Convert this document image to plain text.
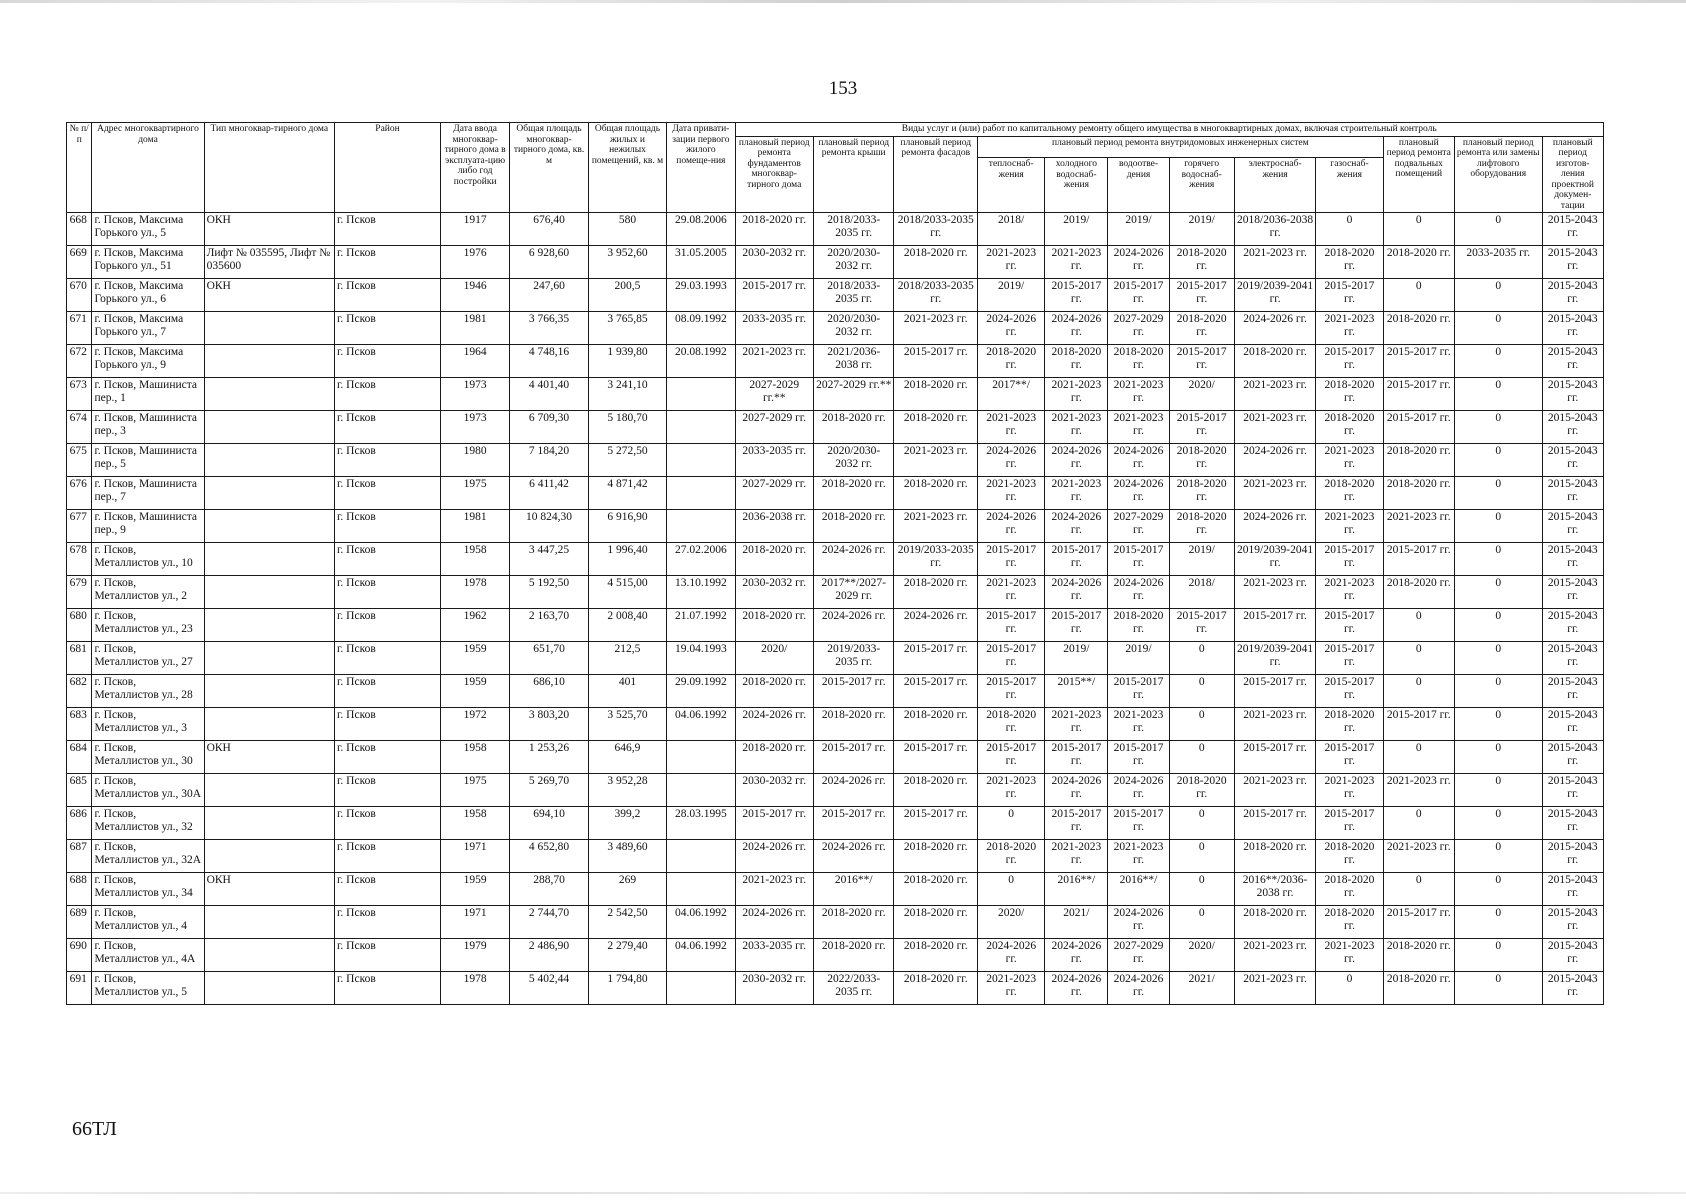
153
№ п/п	Адрес многоквартирного дома	Тип многоквар-тирного дома	Район	Дата ввода многоквар-тирного дома в эксплуата-цию либо год постройки	Общая площадь многоквар-тирного дома, кв. м	Общая площадь жилых и нежилых помещений, кв. м	Дата привати-зации первого жилого помеще-ния	Виды услуг и (или) работ по капитальному ремонту общего имущества в многоквартирных домах, включая строительный контроль											
								плановый период ремонта фундаментов многоквар-тирного дома	плановый период ремонта крыши	плановый период ремонта фасадов	плановый период ремонта внутридомовых инженерных систем						плановый период ремонта подвальных помещений	плановый период ремонта или замены лифтового оборудования	плановый период изготов-ления проектной докумен-тации
											теплоснаб-жения	холодного водоснаб-жения	водоотве-дения	горячего водоснаб-жения	электроснаб-жения	газоснаб-жения			
668	г. Псков, Максима Горького ул., 5	ОКН	г. Псков	1917	676,40	580	29.08.2006	2018-2020 гг.	2018/2033-2035 гг.	2018/2033-2035 гг.	2018/	2019/	2019/	2019/	2018/2036-2038 гг.	0	0	0	2015-2043 гг.
669	г. Псков, Максима Горького ул., 51	Лифт № 035595, Лифт № 035600	г. Псков	1976	6 928,60	3 952,60	31.05.2005	2030-2032 гг.	2020/2030-2032 гг.	2018-2020 гг.	2021-2023 гг.	2021-2023 гг.	2024-2026 гг.	2018-2020 гг.	2021-2023 гг.	2018-2020 гг.	2018-2020 гг.	2033-2035 гг.	2015-2043 гг.
670	г. Псков, Максима Горького ул., 6	ОКН	г. Псков	1946	247,60	200,5	29.03.1993	2015-2017 гг.	2018/2033-2035 гг.	2018/2033-2035 гг.	2019/	2015-2017 гг.	2015-2017 гг.	2015-2017 гг.	2019/2039-2041 гг.	2015-2017 гг.	0	0	2015-2043 гг.
671	г. Псков, Максима Горького ул., 7		г. Псков	1981	3 766,35	3 765,85	08.09.1992	2033-2035 гг.	2020/2030-2032 гг.	2021-2023 гг.	2024-2026 гг.	2024-2026 гг.	2027-2029 гг.	2018-2020 гг.	2024-2026 гг.	2021-2023 гг.	2018-2020 гг.	0	2015-2043 гг.
672	г. Псков, Максима Горького ул., 9		г. Псков	1964	4 748,16	1 939,80	20.08.1992	2021-2023 гг.	2021/2036-2038 гг.	2015-2017 гг.	2018-2020 гг.	2018-2020 гг.	2018-2020 гг.	2015-2017 гг.	2018-2020 гг.	2015-2017 гг.	2015-2017 гг.	0	2015-2043 гг.
673	г. Псков, Машиниста пер., 1		г. Псков	1973	4 401,40	3 241,10		2027-2029 гг.**	2027-2029 гг.**	2018-2020 гг.	2017**/	2021-2023 гг.	2021-2023 гг.	2020/	2021-2023 гг.	2018-2020 гг.	2015-2017 гг.	0	2015-2043 гг.
674	г. Псков, Машиниста пер., 3		г. Псков	1973	6 709,30	5 180,70		2027-2029 гг.	2018-2020 гг.	2018-2020 гг.	2021-2023 гг.	2021-2023 гг.	2021-2023 гг.	2015-2017 гг.	2021-2023 гг.	2018-2020 гг.	2015-2017 гг.	0	2015-2043 гг.
675	г. Псков, Машиниста пер., 5		г. Псков	1980	7 184,20	5 272,50		2033-2035 гг.	2020/2030-2032 гг.	2021-2023 гг.	2024-2026 гг.	2024-2026 гг.	2024-2026 гг.	2018-2020 гг.	2024-2026 гг.	2021-2023 гг.	2018-2020 гг.	0	2015-2043 гг.
676	г. Псков, Машиниста пер., 7		г. Псков	1975	6 411,42	4 871,42		2027-2029 гг.	2018-2020 гг.	2018-2020 гг.	2021-2023 гг.	2021-2023 гг.	2024-2026 гг.	2018-2020 гг.	2021-2023 гг.	2018-2020 гг.	2018-2020 гг.	0	2015-2043 гг.
677	г. Псков, Машиниста пер., 9		г. Псков	1981	10 824,30	6 916,90		2036-2038 гг.	2018-2020 гг.	2021-2023 гг.	2024-2026 гг.	2024-2026 гг.	2027-2029 гг.	2018-2020 гг.	2024-2026 гг.	2021-2023 гг.	2021-2023 гг.	0	2015-2043 гг.
678	г. Псков, Металлистов ул., 10		г. Псков	1958	3 447,25	1 996,40	27.02.2006	2018-2020 гг.	2024-2026 гг.	2019/2033-2035 гг.	2015-2017 гг.	2015-2017 гг.	2015-2017 гг.	2019/	2019/2039-2041 гг.	2015-2017 гг.	2015-2017 гг.	0	2015-2043 гг.
679	г. Псков, Металлистов ул., 2		г. Псков	1978	5 192,50	4 515,00	13.10.1992	2030-2032 гг.	2017**/2027-2029 гг.	2018-2020 гг.	2021-2023 гг.	2024-2026 гг.	2024-2026 гг.	2018/	2021-2023 гг.	2021-2023 гг.	2018-2020 гг.	0	2015-2043 гг.
680	г. Псков, Металлистов ул., 23		г. Псков	1962	2 163,70	2 008,40	21.07.1992	2018-2020 гг.	2024-2026 гг.	2024-2026 гг.	2015-2017 гг.	2015-2017 гг.	2018-2020 гг.	2015-2017 гг.	2015-2017 гг.	2015-2017 гг.	0	0	2015-2043 гг.
681	г. Псков, Металлистов ул., 27		г. Псков	1959	651,70	212,5	19.04.1993	2020/	2019/2033-2035 гг.	2015-2017 гг.	2015-2017 гг.	2019/	2019/	0	2019/2039-2041 гг.	2015-2017 гг.	0	0	2015-2043 гг.
682	г. Псков, Металлистов ул., 28		г. Псков	1959	686,10	401	29.09.1992	2018-2020 гг.	2015-2017 гг.	2015-2017 гг.	2015-2017 гг.	2015**/	2015-2017 гг.	0	2015-2017 гг.	2015-2017 гг.	0	0	2015-2043 гг.
683	г. Псков, Металлистов ул., 3		г. Псков	1972	3 803,20	3 525,70	04.06.1992	2024-2026 гг.	2018-2020 гг.	2018-2020 гг.	2018-2020 гг.	2021-2023 гг.	2021-2023 гг.	0	2021-2023 гг.	2018-2020 гг.	2015-2017 гг.	0	2015-2043 гг.
684	г. Псков, Металлистов ул., 30	ОКН	г. Псков	1958	1 253,26	646,9		2018-2020 гг.	2015-2017 гг.	2015-2017 гг.	2015-2017 гг.	2015-2017 гг.	2015-2017 гг.	0	2015-2017 гг.	2015-2017 гг.	0	0	2015-2043 гг.
685	г. Псков, Металлистов ул., 30А		г. Псков	1975	5 269,70	3 952,28		2030-2032 гг.	2024-2026 гг.	2018-2020 гг.	2021-2023 гг.	2024-2026 гг.	2024-2026 гг.	2018-2020 гг.	2021-2023 гг.	2021-2023 гг.	2021-2023 гг.	0	2015-2043 гг.
686	г. Псков, Металлистов ул., 32		г. Псков	1958	694,10	399,2	28.03.1995	2015-2017 гг.	2015-2017 гг.	2015-2017 гг.	0	2015-2017 гг.	2015-2017 гг.	0	2015-2017 гг.	2015-2017 гг.	0	0	2015-2043 гг.
687	г. Псков, Металлистов ул., 32А		г. Псков	1971	4 652,80	3 489,60		2024-2026 гг.	2024-2026 гг.	2018-2020 гг.	2018-2020 гг.	2021-2023 гг.	2021-2023 гг.	0	2018-2020 гг.	2018-2020 гг.	2021-2023 гг.	0	2015-2043 гг.
688	г. Псков, Металлистов ул., 34	ОКН	г. Псков	1959	288,70	269		2021-2023 гг.	2016**/	2018-2020 гг.	0	2016**/	2016**/	0	2016**/2036-2038 гг.	2018-2020 гг.	0	0	2015-2043 гг.
689	г. Псков, Металлистов ул., 4		г. Псков	1971	2 744,70	2 542,50	04.06.1992	2024-2026 гг.	2018-2020 гг.	2018-2020 гг.	2020/	2021/	2024-2026 гг.	0	2018-2020 гг.	2018-2020 гг.	2015-2017 гг.	0	2015-2043 гг.
690	г. Псков, Металлистов ул., 4А		г. Псков	1979	2 486,90	2 279,40	04.06.1992	2033-2035 гг.	2018-2020 гг.	2018-2020 гг.	2024-2026 гг.	2024-2026 гг.	2027-2029 гг.	2020/	2021-2023 гг.	2021-2023 гг.	2018-2020 гг.	0	2015-2043 гг.
691	г. Псков, Металлистов ул., 5		г. Псков	1978	5 402,44	1 794,80		2030-2032 гг.	2022/2033-2035 гг.	2018-2020 гг.	2021-2023 гг.	2024-2026 гг.	2024-2026 гг.	2021/	2021-2023 гг.	0	2018-2020 гг.	0	2015-2043 гг.
66ТЛ
